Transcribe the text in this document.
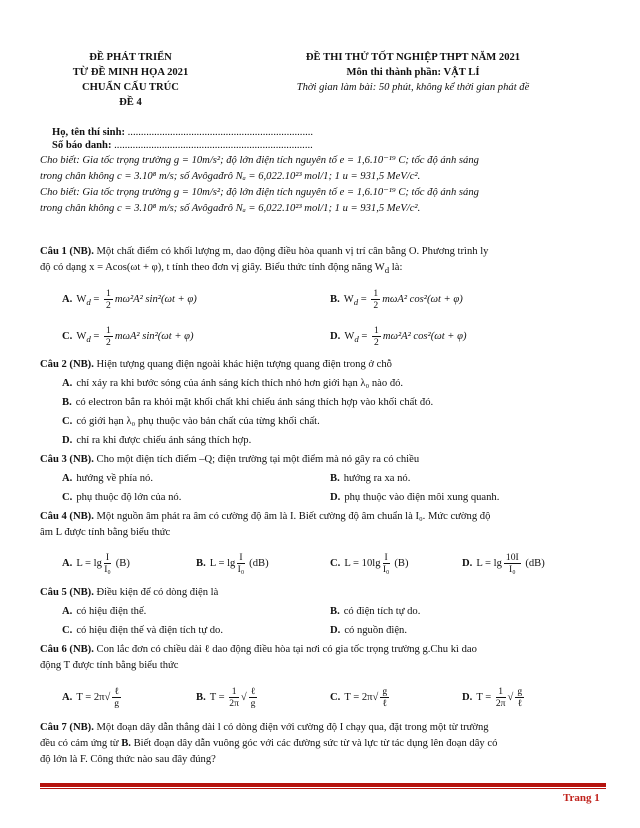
ĐỀ PHÁT TRIỂN
TỪ ĐỀ MINH HỌA 2021
CHUẨN CẤU TRÚC
ĐỀ 4
ĐỀ THI THỬ TỐT NGHIỆP THPT NĂM 2021
Môn thi thành phần: VẬT LÍ
Thời gian làm bài: 50 phút, không kể thời gian phát đề
Họ, tên thí sinh: ......................................................................
Số báo danh: ...........................................................................
Cho biết: Gia tốc trọng trường g = 10m/s²; độ lớn điện tích nguyên tố e = 1,6.10⁻¹⁹ C; tốc độ ánh sáng
trong chân không c = 3.10⁸ m/s; số Avôgađrô Nₐ = 6,022.10²³ mol/1; 1 u = 931,5 MeV/c².
Cho biết: Gia tốc trọng trường g = 10m/s²; độ lớn điện tích nguyên tố e = 1,6.10⁻¹⁹ C; tốc độ ánh sáng
trong chân không c = 3.10⁸ m/s; số Avôgađrô Nₐ = 6,022.10²³ mol/1; 1 u = 931,5 MeV/c².
Câu 1 (NB). Một chất điểm có khối lượng m, dao động điều hòa quanh vị trí cân bằng O. Phương trình ly
độ có dạng x = Acos(ωt + φ), t tính theo đơn vị giây. Biểu thức tính động năng $W_d$ là:
A. $W_d = \frac{1}{2} m\omega^2A^2$ sin²(ωt + φ)	B. $W_d = \frac{1}{2} m\omega A^2$ cos²(ωt + φ)
C. $W_d = \frac{1}{2} m\omega A^2$ sin²(ωt + φ)	D. $W_d = \frac{1}{2} m\omega^2A^2$ cos²(ωt + φ)
Câu 2 (NB). Hiện tượng quang điện ngoài khác hiện tượng quang điện trong ở chỗ
A. chỉ xảy ra khi bước sóng của ánh sáng kích thích nhỏ hơn giới hạn λ₀ nào đó.
B. có electron bắn ra khỏi mặt khối chất khi chiếu ánh sáng thích hợp vào khối chất đó.
C. có giới hạn λ₀ phụ thuộc vào bản chất của từng khối chất.
D. chỉ ra khi được chiếu ánh sáng thích hợp.
Câu 3 (NB). Cho một điện tích điểm –Q; điện trường tại một điểm mà nó gây ra có chiều
A. hướng về phía nó.	B. hướng ra xa nó.
C. phụ thuộc độ lớn của nó.	D. phụ thuộc vào điện môi xung quanh.
Câu 4 (NB). Một nguồn âm phát ra âm có cường độ âm là I. Biết cường độ âm chuẩn là I₀. Mức cường độ
âm L được tính bằng biểu thức
A. $L = \lg \frac{I}{\text{I₀}} (B)$	B. $L = \lg \frac{I}{\text{I₀}} (dB)$	C. $L = 10\lg \frac{I}{\text{I₀}} (B)$	D. $L = \lg \frac{10I}{\text{I₀}} (dB)$
Câu 5 (NB). Điều kiện để có dòng điện là
A. có hiệu điện thế.	B. có điện tích tự do.
C. có hiệu điện thế và điện tích tự do.	D. có nguồn điện.
Câu 6 (NB). Con lắc đơn có chiều dài ℓ dao động điều hòa tại nơi có gia tốc trọng trường g.Chu kì dao
động T được tính bằng biểu thức
A. $T = 2\pi√ \frac{\text{ℓ}}{g}$	B. $T = \frac{1}{2\pi}$ √ $\frac{\text{ℓ}}{g}$	C. $T = 2\pi√ \frac{g}{\text{ℓ}}$	D. $T = \frac{1}{2\pi}$ √ $\frac{g}{\text{ℓ}}$
Câu 7 (NB). Một đoạn dây dẫn thẳng dài l có dòng điện với cường độ I chạy qua, đặt trong một từ trường
đều có cảm ứng từ B. Biết đoạn dây dẫn vuông góc với các đường sức từ và lực từ tác dụng lên đoạn dây có
độ lớn là F. Công thức nào sau đây đúng?
Trang 1
